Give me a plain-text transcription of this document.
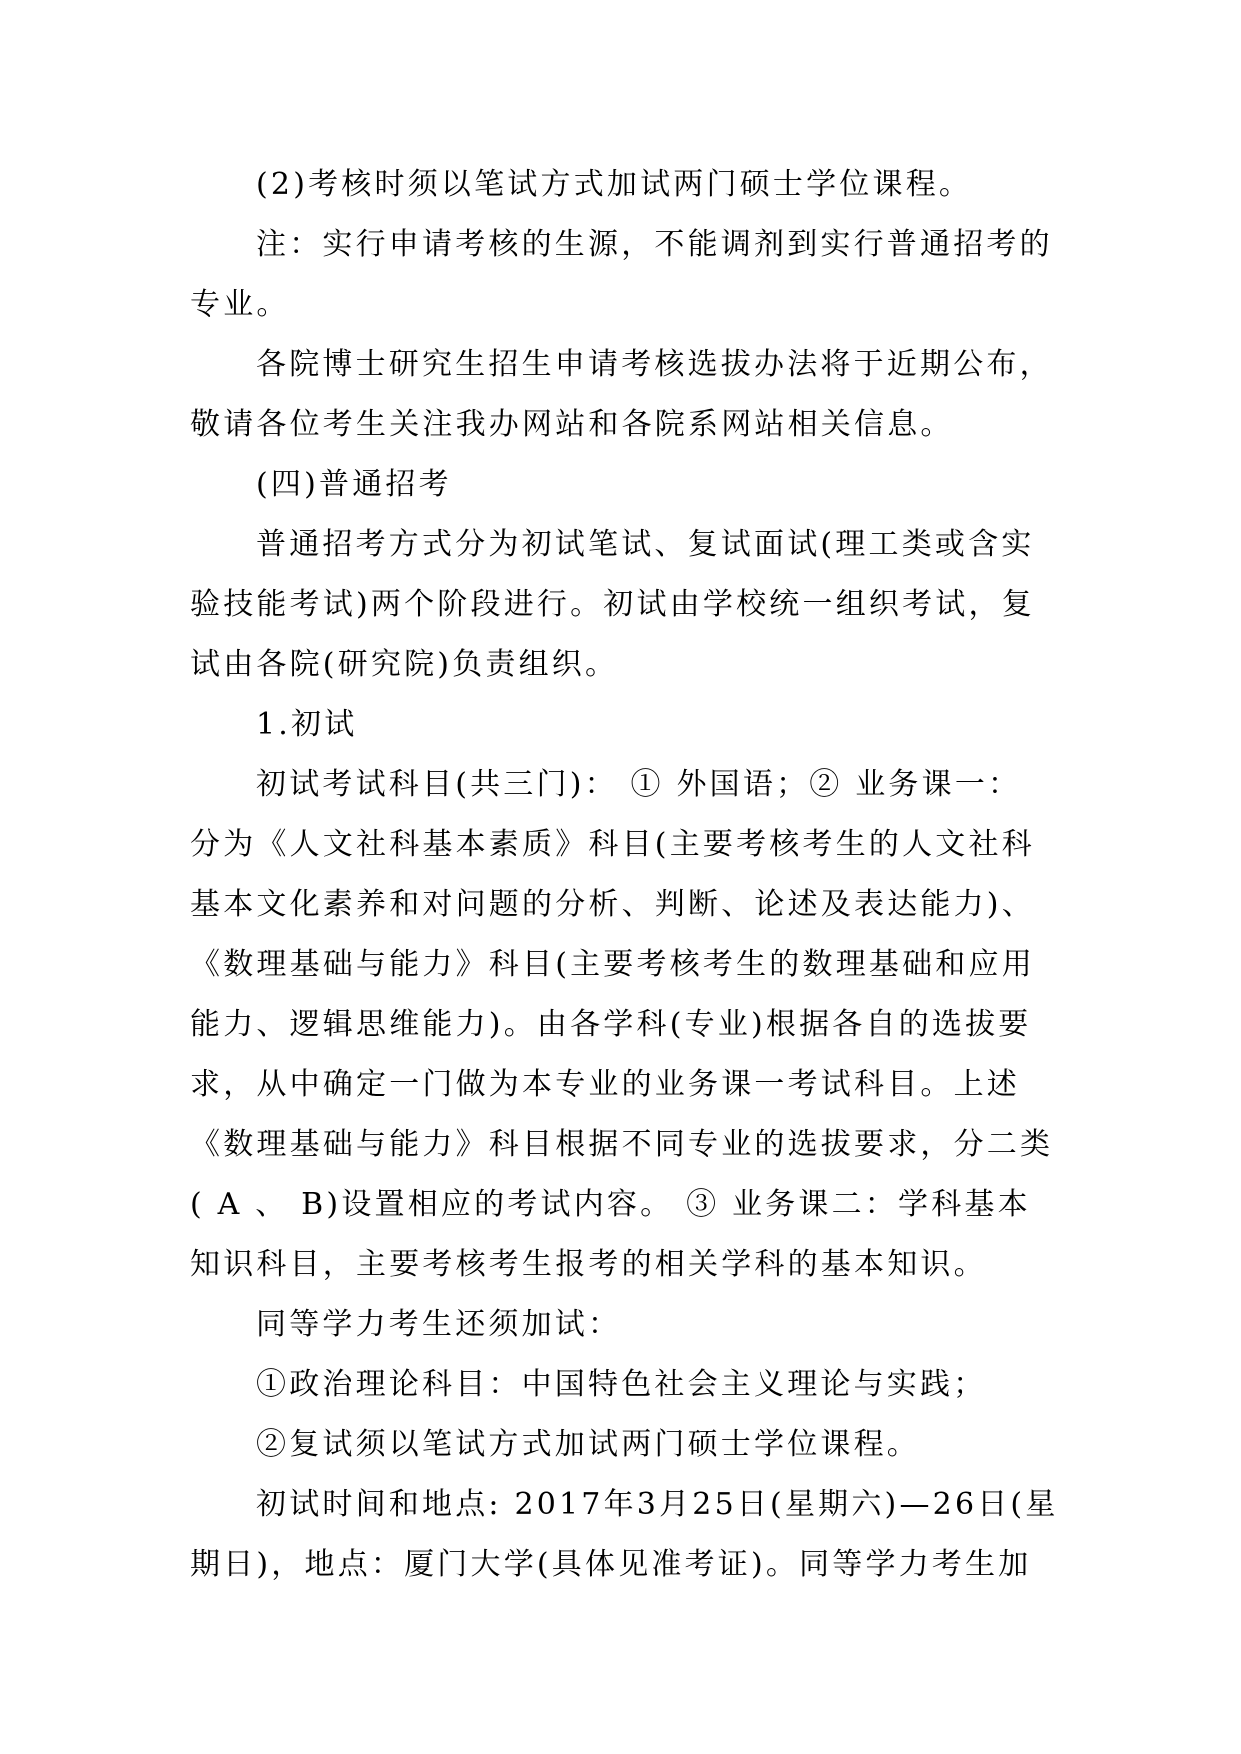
(2)考核时须以笔试方式加试两门硕士学位课程。
注：实行申请考核的生源，不能调剂到实行普通招考的
专业。
各院博士研究生招生申请考核选拔办法将于近期公布，
敬请各位考生关注我办网站和各院系网站相关信息。
(四)普通招考
普通招考方式分为初试笔试、复试面试(理工类或含实
验技能考试)两个阶段进行。初试由学校统一组织考试，复
试由各院(研究院)负责组织。
1.初试
初试考试科目(共三门)： ① 外国语；② 业务课一：
分为《人文社科基本素质》科目(主要考核考生的人文社科
基本文化素养和对问题的分析、判断、论述及表达能力)、
《数理基础与能力》科目(主要考核考生的数理基础和应用
能力、逻辑思维能力)。由各学科(专业)根据各自的选拔要
求，从中确定一门做为本专业的业务课一考试科目。上述
《数理基础与能力》科目根据不同专业的选拔要求，分二类
( A 、 B)设置相应的考试内容。 ③ 业务课二：学科基本
知识科目，主要考核考生报考的相关学科的基本知识。
同等学力考生还须加试：
①政治理论科目：中国特色社会主义理论与实践；
②复试须以笔试方式加试两门硕士学位课程。
初试时间和地点: 2017年3月25日(星期六)—26日(星
期日)，地点：厦门大学(具体见准考证)。同等学力考生加
